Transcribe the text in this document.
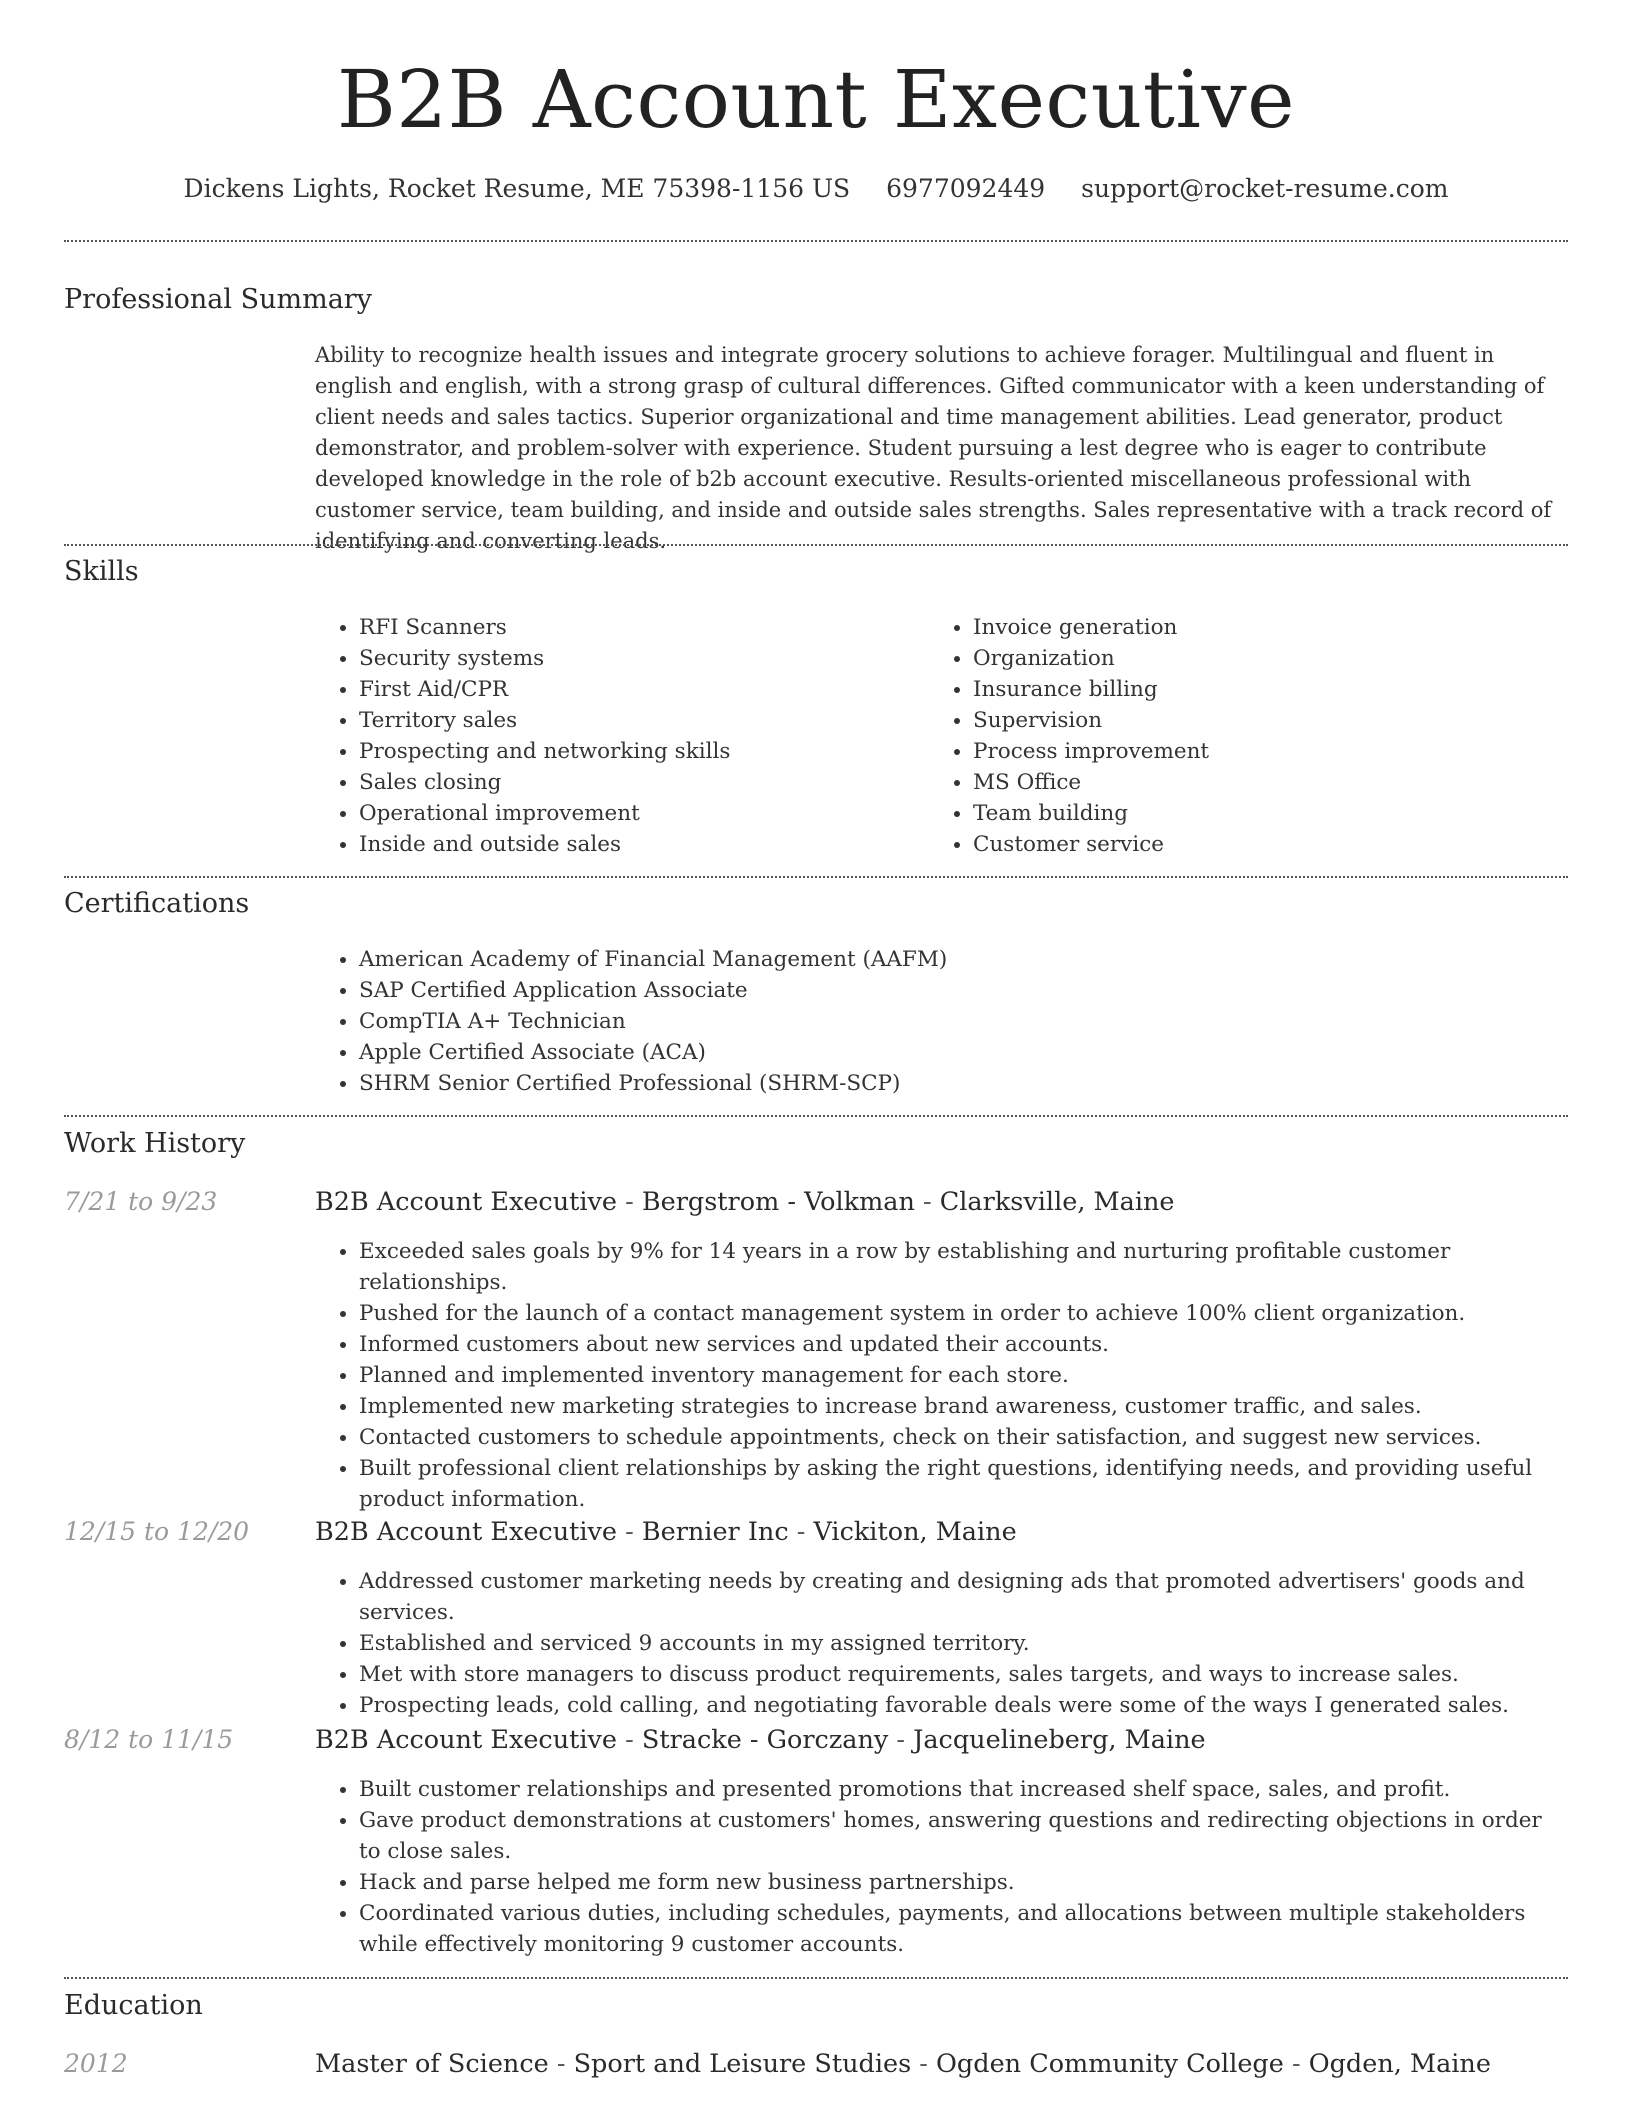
B2B Account Executive
Dickens Lights, Rocket Resume, ME 75398-1156 US 6977092449 support@rocket-resume.com
Professional Summary

Ability to recognize health issues and integrate grocery solutions to achieve forager. Multilingual and fluent in english and english, with a strong grasp of cultural differences. Gifted communicator with a keen understanding of client needs and sales tactics. Superior organizational and time management abilities. Lead generator, product demonstrator, and problem-solver with experience. Student pursuing a lest degree who is eager to contribute developed knowledge in the role of b2b account executive. Results-oriented miscellaneous professional with customer service, team building, and inside and outside sales strengths. Sales representative with a track record of identifying and converting leads.

Skills
• RFI Scanners
• Security systems
• First Aid/CPR
• Territory sales
• Prospecting and networking skills
• Sales closing
• Operational improvement
• Inside and outside sales
• Invoice generation
• Organization
• Insurance billing
• Supervision
• Process improvement
• MS Office
• Team building
• Customer service
Certifications
• American Academy of Financial Management (AAFM)
• SAP Certified Application Associate
• CompTIA A+ Technician
• Apple Certified Associate (ACA)
• SHRM Senior Certified Professional (SHRM-SCP)
Work History
7/21 to 9/23	B2B Account Executive - Bergstrom - Volkman - Clarksville, Maine
• Exceeded sales goals by 9% for 14 years in a row by establishing and nurturing profitable customer relationships.
• Pushed for the launch of a contact management system in order to achieve 100% client organization.
• Informed customers about new services and updated their accounts.
• Planned and implemented inventory management for each store.
• Implemented new marketing strategies to increase brand awareness, customer traffic, and sales.
• Contacted customers to schedule appointments, check on their satisfaction, and suggest new services.
• Built professional client relationships by asking the right questions, identifying needs, and providing useful product information.
12/15 to 12/20	B2B Account Executive - Bernier Inc - Vickiton, Maine
• Addressed customer marketing needs by creating and designing ads that promoted advertisers' goods and services.
• Established and serviced 9 accounts in my assigned territory.
• Met with store managers to discuss product requirements, sales targets, and ways to increase sales.
• Prospecting leads, cold calling, and negotiating favorable deals were some of the ways I generated sales.
8/12 to 11/15	B2B Account Executive - Stracke - Gorczany - Jacquelineberg, Maine
• Built customer relationships and presented promotions that increased shelf space, sales, and profit.
• Gave product demonstrations at customers' homes, answering questions and redirecting objections in order to close sales.
• Hack and parse helped me form new business partnerships.
• Coordinated various duties, including schedules, payments, and allocations between multiple stakeholders while effectively monitoring 9 customer accounts.
Education
2012	Master of Science - Sport and Leisure Studies - Ogden Community College - Ogden, Maine
